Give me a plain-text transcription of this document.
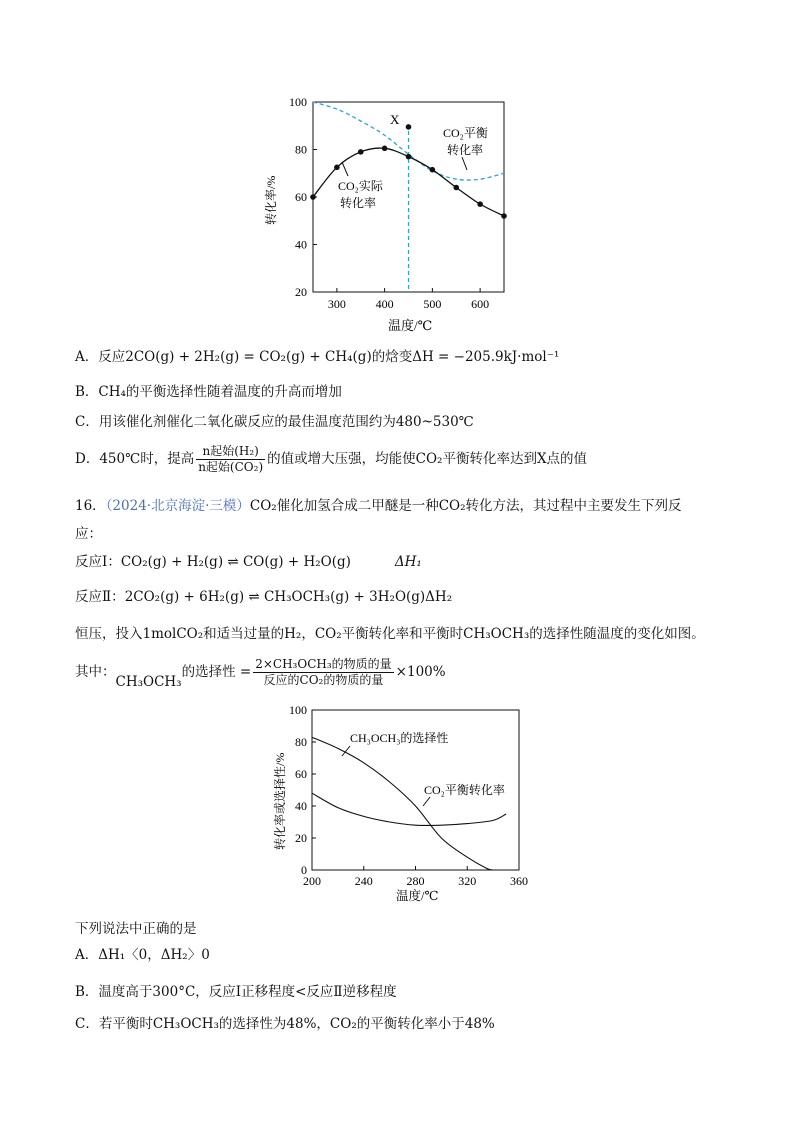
100
80
60
40
20
300 400 500 600
X
CO₂平衡
转化率
CO₂实际
转化率
温度/℃
转化率/%
A．反应2CO(g) + 2H₂(g) = CO₂(g) + CH₄(g)的焓变ΔH = −205.9kJ·mol⁻¹
B．CH₄的平衡选择性随着温度的升高而增加
C．用该催化剂催化二氧化碳反应的最佳温度范围约为480~530℃
D．450℃时，提高 $\frac{\text{n起始(H₂)}}{\text{n起始(CO₂)}}$ 的值或增大压强，均能使CO₂平衡转化率达到X点的值
16．（2024·北京海淀·三模）CO₂催化加氢合成二甲醚是一种CO₂转化方法，其过程中主要发生下列反
应：
反应Ⅰ：CO₂(g) + H₂(g) ⇌ CO(g) + H₂O(g)	ΔH₁
反应Ⅱ：2CO₂(g) + 6H₂(g) ⇌ CH₃OCH₃(g) + 3H₂O(g)ΔH₂
恒压，投入1molCO₂和适当过量的H₂，CO₂平衡转化率和平衡时CH₃OCH₃的选择性随温度的变化如图。
其中：CH₃OCH₃的选择性 = $\frac{\text{2×CH₃OCH₃的物质的量}}{\text{反应的CO₂的物质的量}} \times 100\%$
100
80
60
40
20
0
200	240	280	320	360
CH₃OCH₃的选择性
CO₂平衡转化率
温度/℃
转化率或选择性/%
下列说法中正确的是
A．ΔH₁〈0，ΔH₂〉0
B．温度高于300°C，反应Ⅰ正移程度<反应Ⅱ逆移程度
C．若平衡时CH₃OCH₃的选择性为48%，CO₂的平衡转化率小于48%
